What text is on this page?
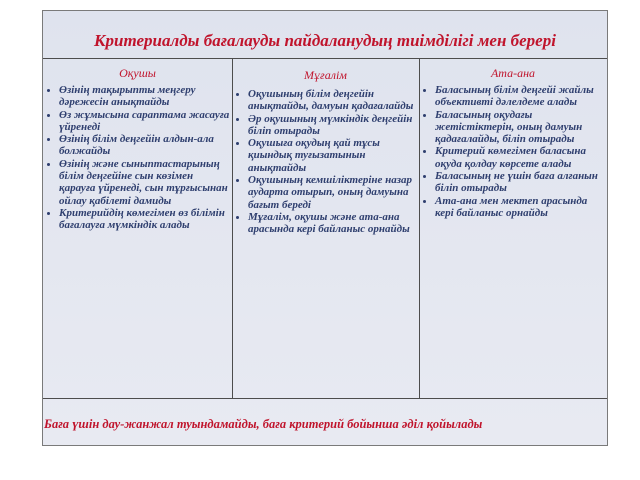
Критериалды бағалауды пайдаланудың тиімділігі мен берері
Оқушы	Мұғалім	Ата-ана
• Өзінің тақырыпты меңгеру дәрежесін анықтайды
• Өз жұмысына сараптама жасауға үйренеді
• Өзінің білім деңгейін алдын-ала болжайды
• Өзінің және сыныптастарының білім деңгейіне сын көзімен қарауға үйренеді, сын тұрғысынан ойлау қабілеті дамиды
• Критерийдің көмегімен өз білімін бағалауға мүмкіндік алады
• Оқушының білім деңгейін анықтайды, дамуын қадағалайды
• Әр оқушының мүмкіндік деңгейін біліп отырады
• Оқушыға оқудың қай тұсы қиындық туғызатынын анықтайды
• Оқушының кемшіліктеріне назар аударта отырып, оның дамуына бағыт береді
• Мұғалім, оқушы және ата-ана арасында кері байланыс орнайды
• Баласының білім деңгейі жайлы объективті дәлелдеме алады
• Баласының оқудағы жетістіктерін, оның дамуын қадағалайды, біліп отырады
• Критерий көмегімен баласына оқуда қолдау көрсете алады
• Баласының не үшін баға алғанын біліп отырады
• Ата-ана мен мектеп арасында кері байланыс орнайды
Баға үшін дау-жанжал туындамайды, баға критерий бойынша әділ қойылады
